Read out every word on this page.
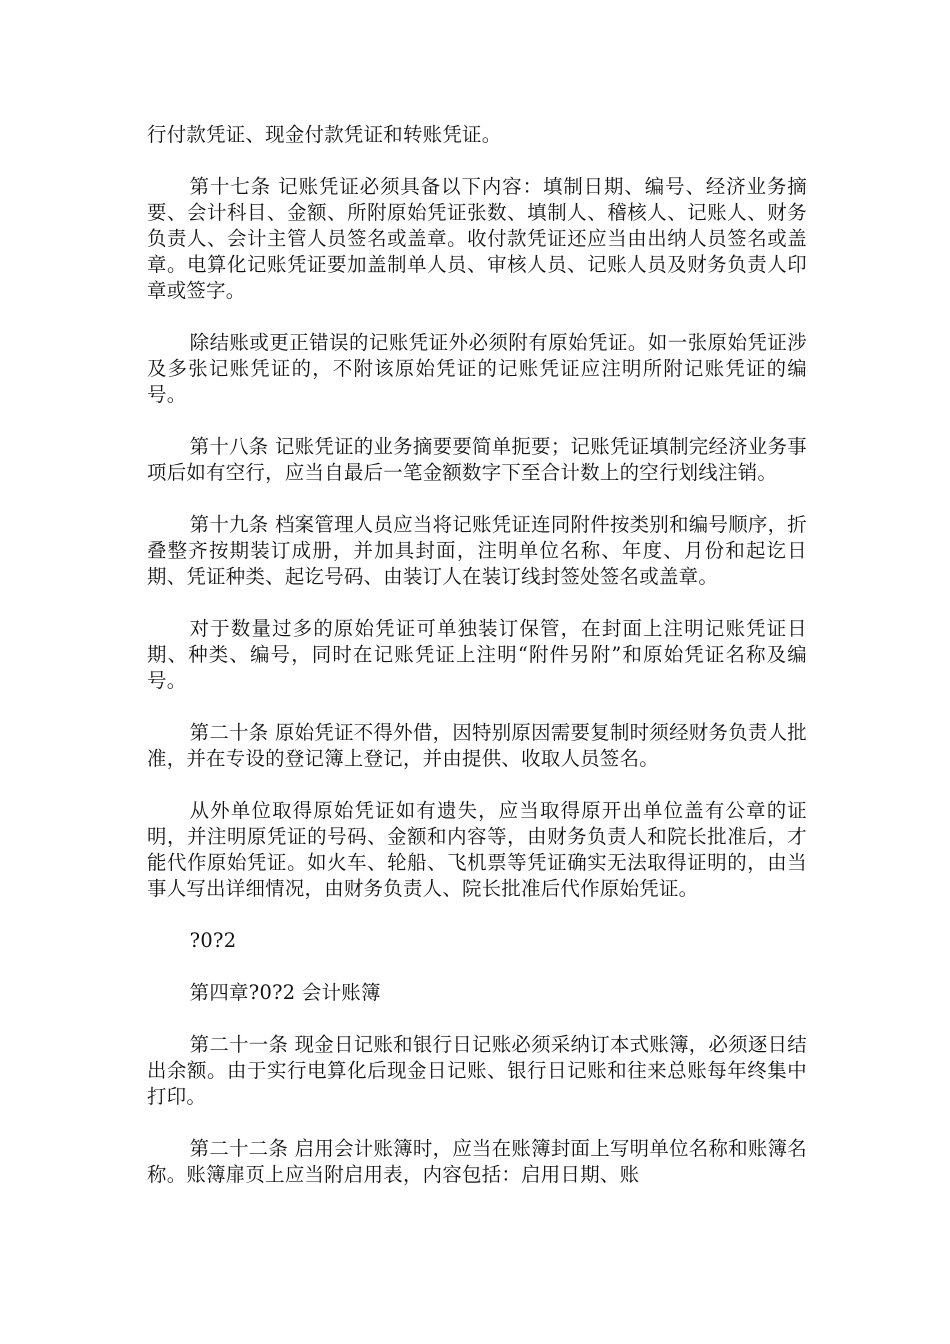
行付款凭证、现金付款凭证和转账凭证。

第十七条 记账凭证必须具备以下内容：填制日期、编号、经济业务摘要、会计科目、金额、所附原始凭证张数、填制人、稽核人、记账人、财务负责人、会计主管人员签名或盖章。收付款凭证还应当由出纳人员签名或盖章。电算化记账凭证要加盖制单人员、审核人员、记账人员及财务负责人印章或签字。

除结账或更正错误的记账凭证外必须附有原始凭证。如一张原始凭证涉及多张记账凭证的，不附该原始凭证的记账凭证应注明所附记账凭证的编号。

第十八条 记账凭证的业务摘要要简单扼要；记账凭证填制完经济业务事项后如有空行，应当自最后一笔金额数字下至合计数上的空行划线注销。

第十九条 档案管理人员应当将记账凭证连同附件按类别和编号顺序，折叠整齐按期装订成册，并加具封面，注明单位名称、年度、月份和起讫日期、凭证种类、起讫号码、由装订人在装订线封签处签名或盖章。

对于数量过多的原始凭证可单独装订保管，在封面上注明记账凭证日期、种类、编号，同时在记账凭证上注明“附件另附”和原始凭证名称及编号。

第二十条 原始凭证不得外借，因特别原因需要复制时须经财务负责人批准，并在专设的登记簿上登记，并由提供、收取人员签名。

从外单位取得原始凭证如有遗失，应当取得原开出单位盖有公章的证明，并注明原凭证的号码、金额和内容等，由财务负责人和院长批准后，才能代作原始凭证。如火车、轮船、飞机票等凭证确实无法取得证明的，由当事人写出详细情况，由财务负责人、院长批准后代作原始凭证。

?0?2

第四章?0?2 会计账簿

第二十一条 现金日记账和银行日记账必须采纳订本式账簿，必须逐日结出余额。由于实行电算化后现金日记账、银行日记账和往来总账每年终集中打印。

第二十二条 启用会计账簿时，应当在账簿封面上写明单位名称和账簿名称。账簿扉页上应当附启用表，内容包括：启用日期、账
